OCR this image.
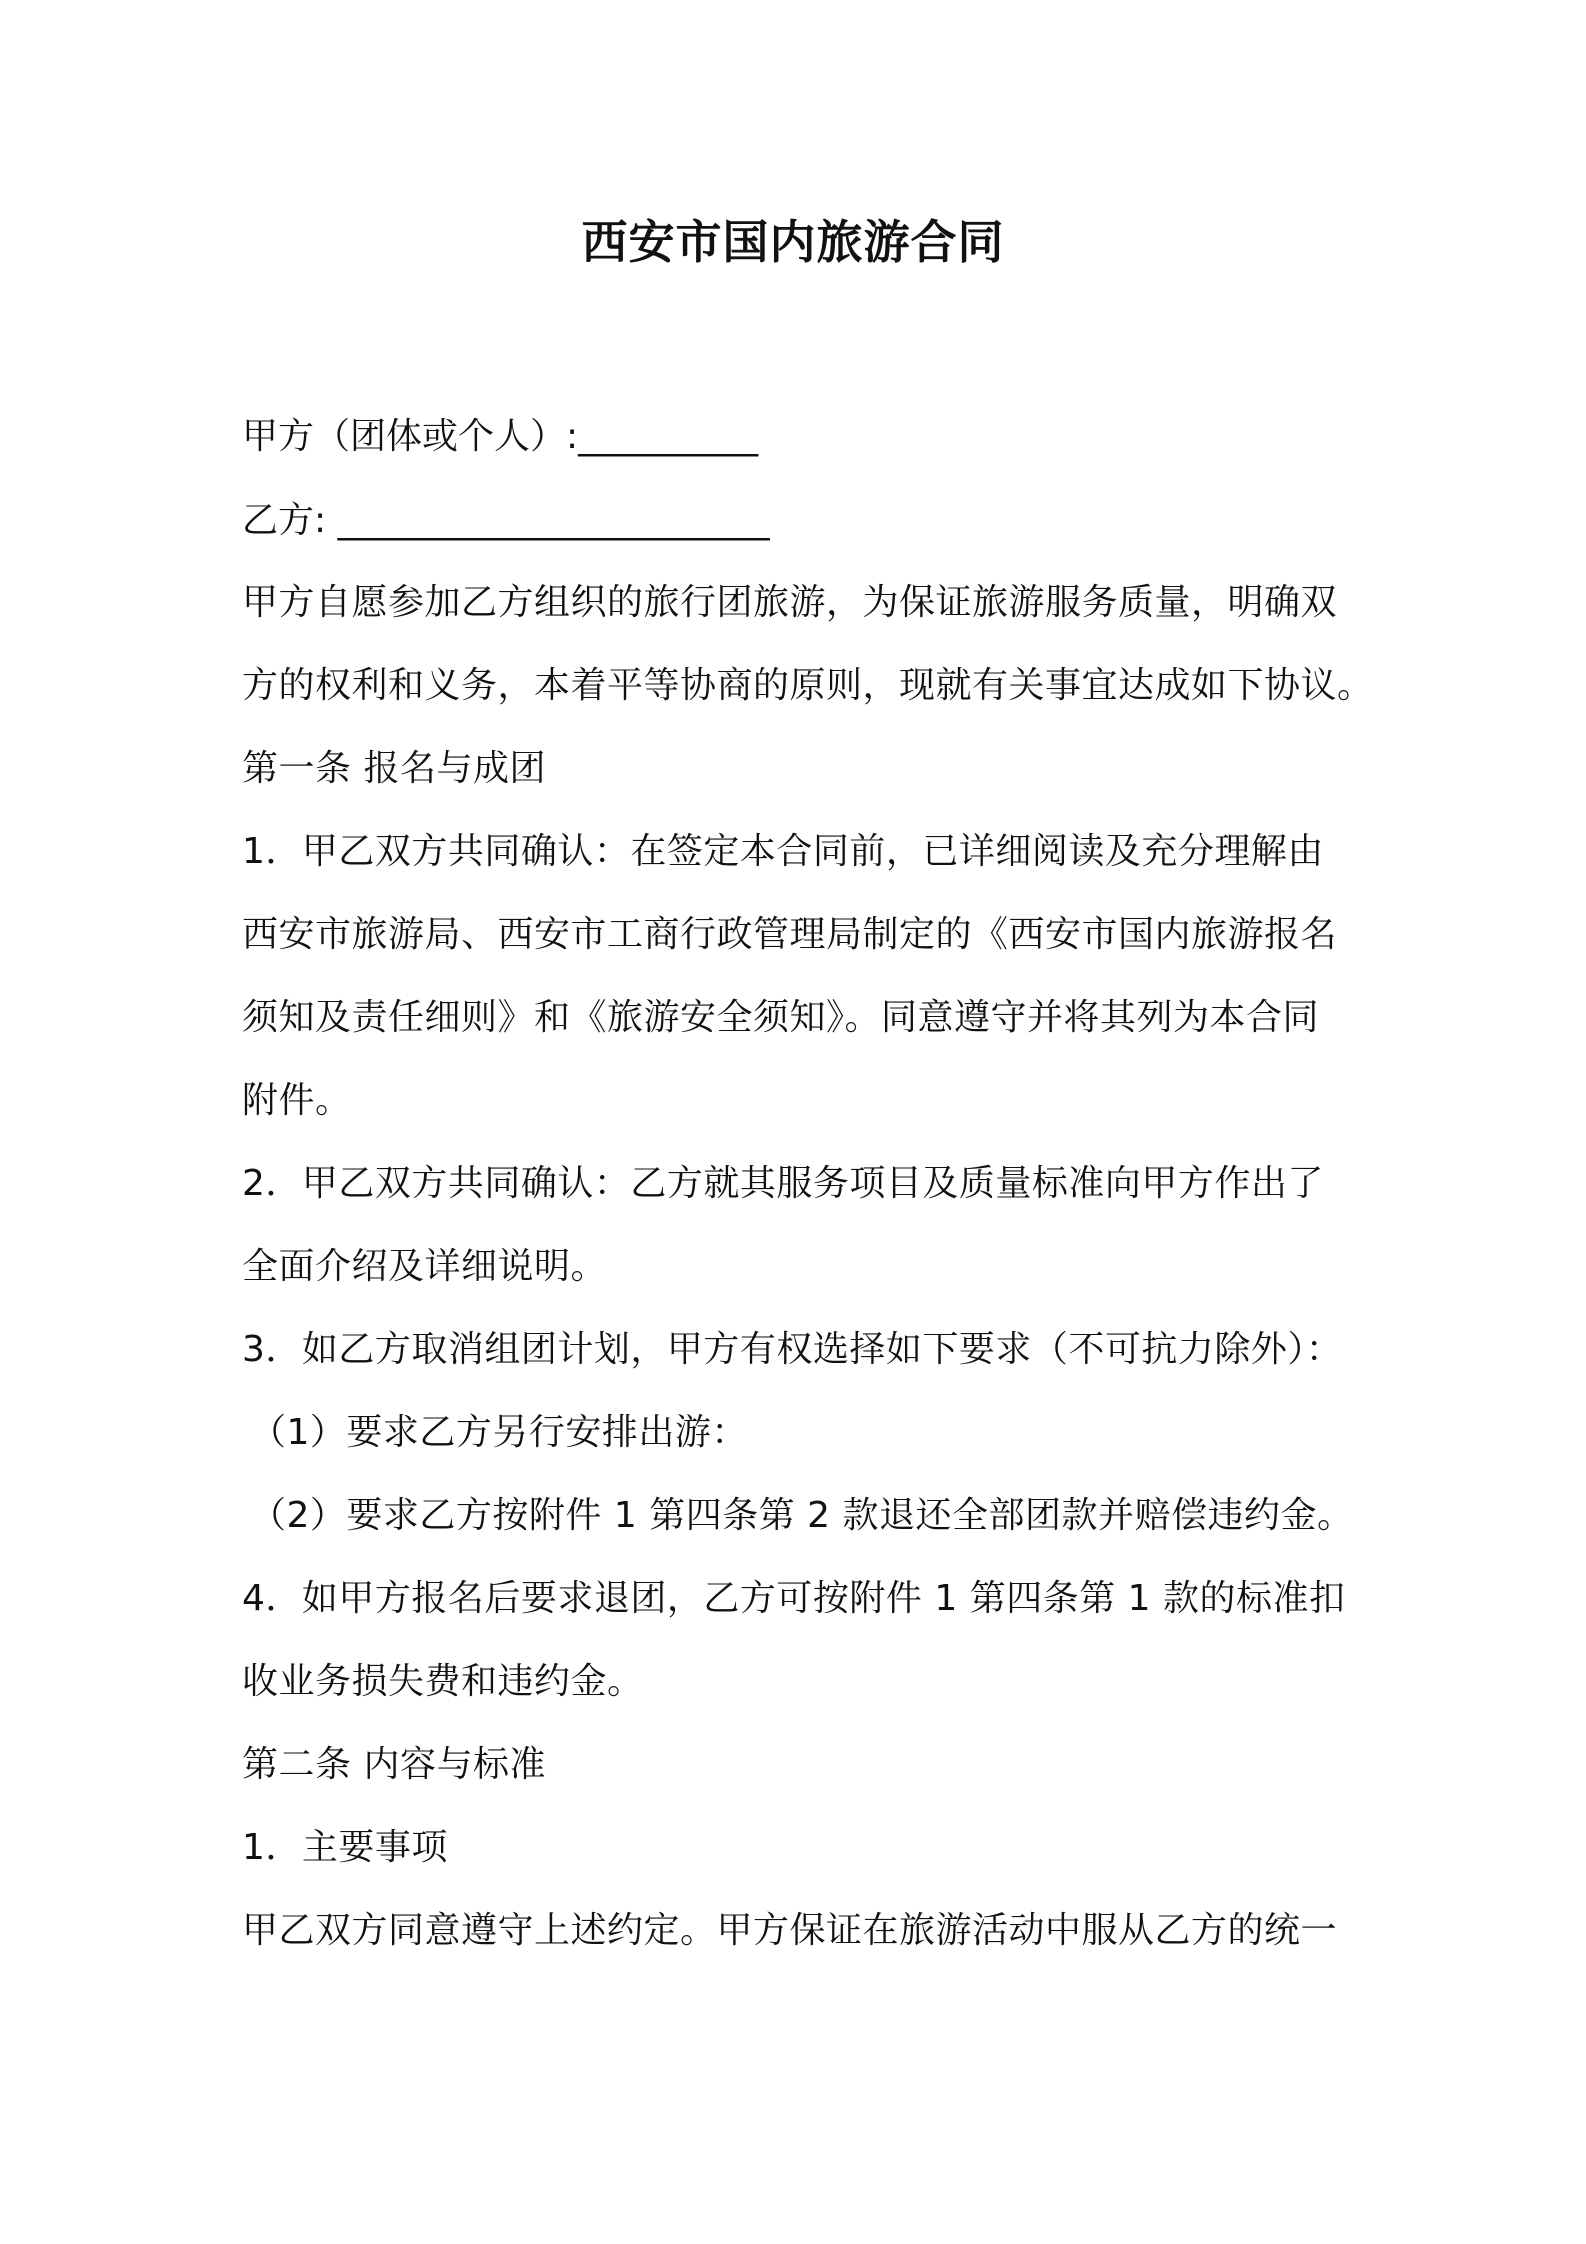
西安市国内旅游合同
甲方（团体或个人）:__________
乙方: ________________________
甲方自愿参加乙方组织的旅行团旅游，为保证旅游服务质量，明确双
方的权利和义务，本着平等协商的原则，现就有关事宜达成如下协议。
第一条 报名与成团
1．甲乙双方共同确认：在签定本合同前，已详细阅读及充分理解由
西安市旅游局、西安市工商行政管理局制定的《西安市国内旅游报名
须知及责任细则》和《旅游安全须知》。同意遵守并将其列为本合同
附件。
2．甲乙双方共同确认：乙方就其服务项目及质量标准向甲方作出了
全面介绍及详细说明。
3．如乙方取消组团计划，甲方有权选择如下要求（不可抗力除外）：
（1）要求乙方另行安排出游：
（2）要求乙方按附件 1 第四条第 2 款退还全部团款并赔偿违约金。
4．如甲方报名后要求退团，乙方可按附件 1 第四条第 1 款的标准扣
收业务损失费和违约金。
第二条 内容与标准
1．主要事项
甲乙双方同意遵守上述约定。甲方保证在旅游活动中服从乙方的统一
